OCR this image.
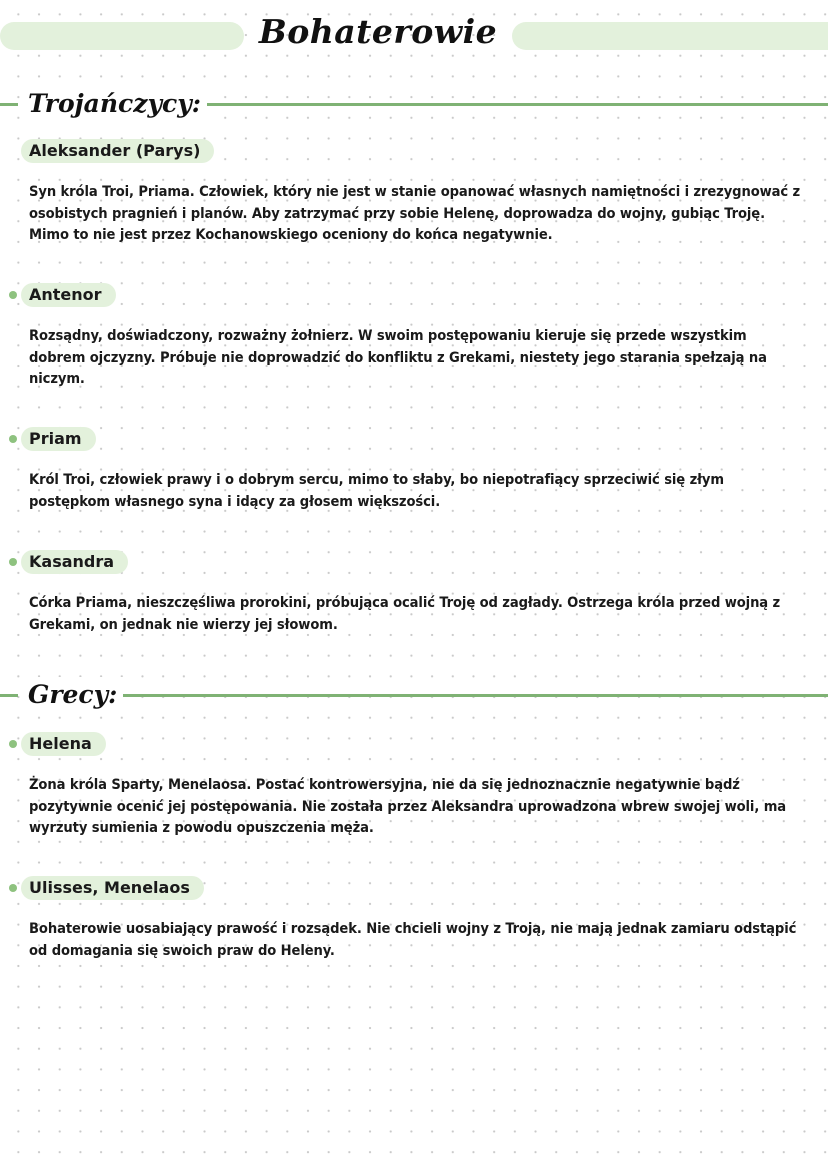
Bohaterowie
Trojańczycy:
Aleksander (Parys)

Syn króla Troi, Priama. Człowiek, który nie jest w stanie opanować własnych namiętności i zrezygnować z osobistych pragnień i planów. Aby zatrzymać przy sobie Helenę, doprowadza do wojny, gubiąc Troję. Mimo to nie jest przez Kochanowskiego oceniony do końca negatywnie.

Antenor

Rozsądny, doświadczony, rozważny żołnierz. W swoim postępowaniu kieruje się przede wszystkim dobrem ojczyzny. Próbuje nie doprowadzić do konfliktu z Grekami, niestety jego starania spełzają na niczym.

Priam

Król Troi, człowiek prawy i o dobrym sercu, mimo to słaby, bo niepotrafiący sprzeciwić się złym postępkom własnego syna i idący za głosem większości.

Kasandra

Córka Priama, nieszczęśliwa prorokini, próbująca ocalić Troję od zagłady. Ostrzega króla przed wojną z Grekami, on jednak nie wierzy jej słowom.

Grecy:
Helena

Żona króla Sparty, Menelaosa. Postać kontrowersyjna, nie da się jednoznacznie negatywnie bądź pozytywnie ocenić jej postępowania. Nie została przez Aleksandra uprowadzona wbrew swojej woli, ma wyrzuty sumienia z powodu opuszczenia męża.

Ulisses, Menelaos

Bohaterowie uosabiający prawość i rozsądek. Nie chcieli wojny z Troją, nie mają jednak zamiaru odstąpić od domagania się swoich praw do Heleny.
